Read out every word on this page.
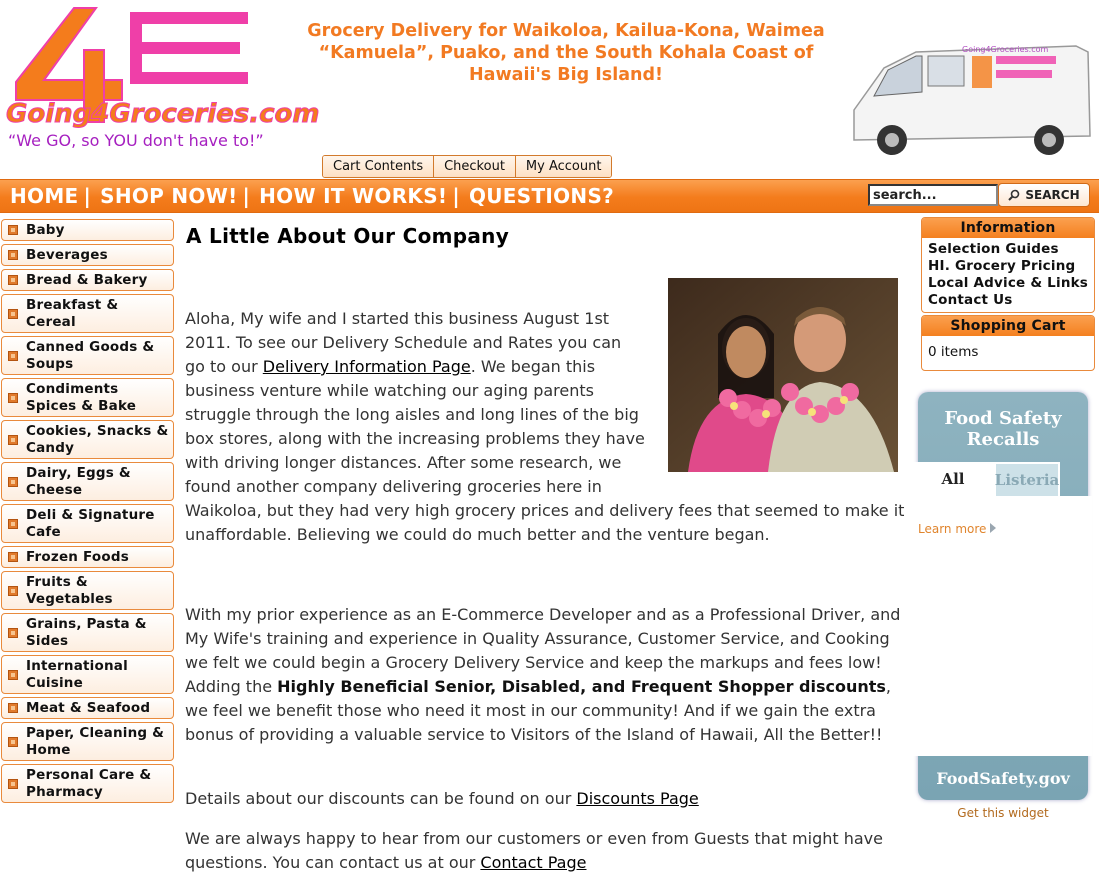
Going4Groceries.com
“We GO, so YOU don't have to!”
Grocery Delivery for Waikoloa, Kailua-Kona, Waimea
“Kamuela”, Puako, and the South Kohala Coast of
Hawaii's Big Island!
Going4Groceries.com
Cart Contents	Checkout	My Account
HOME | SHOP NOW! | HOW IT WORKS! | QUESTIONS?
search...	SEARCH
Baby
Beverages
Bread & Bakery
Breakfast & Cereal
Canned Goods & Soups
Condiments Spices & Bake
Cookies, Snacks & Candy
Dairy, Eggs & Cheese
Deli & Signature Cafe
Frozen Foods
Fruits & Vegetables
Grains, Pasta & Sides
International Cuisine
Meat & Seafood
Paper, Cleaning & Home
Personal Care & Pharmacy
A Little About Our Company
Aloha, My wife and I started this business August 1st 2011. To see our Delivery Schedule and Rates you can go to our Delivery Information Page. We began this business venture while watching our aging parents struggle through the long aisles and long lines of the big box stores, along with the increasing problems they have with driving longer distances. After some research, we found another company delivering groceries here in
Waikoloa, but they had very high grocery prices and delivery fees that seemed to make it unaffordable. Believing we could do much better and the venture began.
With my prior experience as an E-Commerce Developer and as a Professional Driver, and My Wife's training and experience in Quality Assurance, Customer Service, and Cooking we felt we could begin a Grocery Delivery Service and keep the markups and fees low! Adding the Highly Beneficial Senior, Disabled, and Frequent Shopper discounts, we feel we benefit those who need it most in our community! And if we gain the extra bonus of providing a valuable service to Visitors of the Island of Hawaii, All the Better!!
Details about our discounts can be found on our Discounts Page
We are always happy to hear from our customers or even from Guests that might have questions. You can contact us at our Contact Page
Information
Selection Guides
HI. Grocery Pricing
Local Advice & Links
Contact Us
Shopping Cart
0 items
Food Safety
Recalls
All	Listeria
Learn more
FoodSafety.gov
Get this widget
